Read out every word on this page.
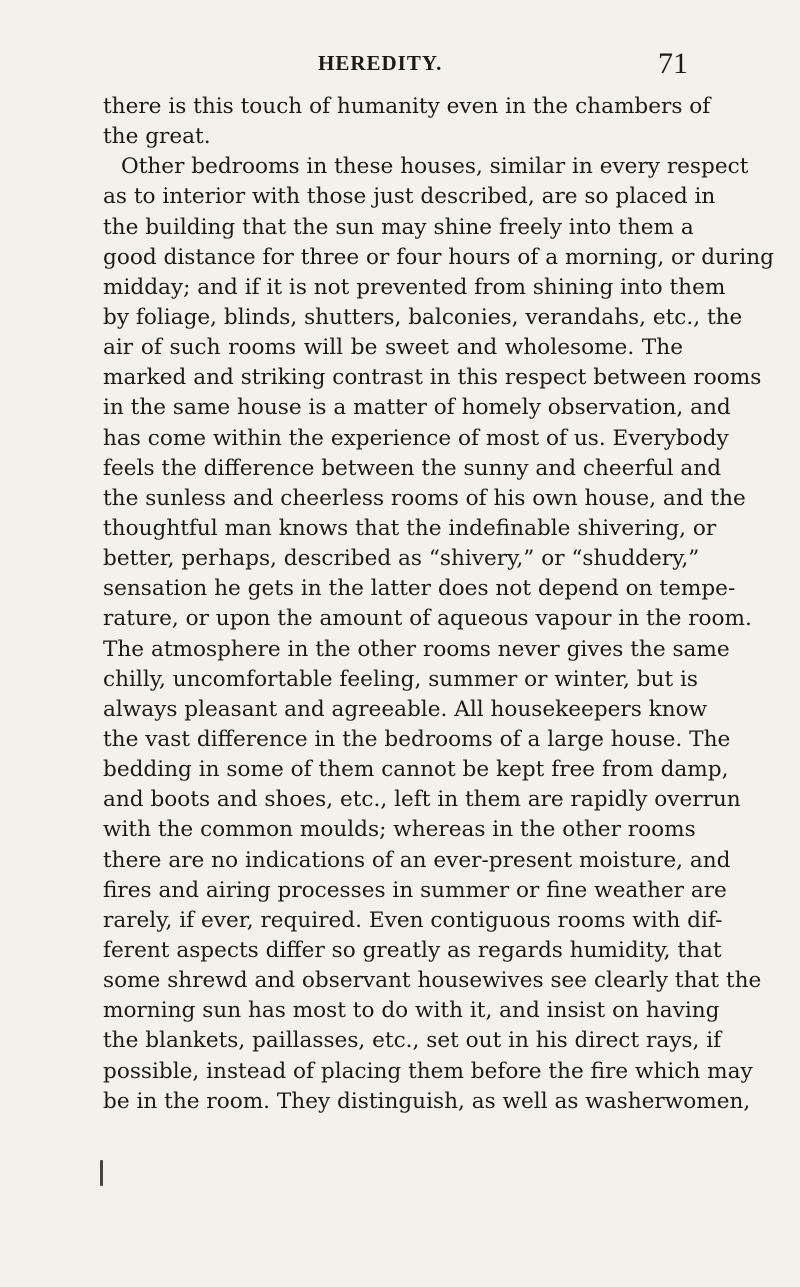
HEREDITY.	71
there is this touch of humanity even in the chambers of
the great.
Other bedrooms in these houses, similar in every respect
as to interior with those just described, are so placed in
the building that the sun may shine freely into them a
good distance for three or four hours of a morning, or during
midday; and if it is not prevented from shining into them
by foliage, blinds, shutters, balconies, verandahs, etc., the
air of such rooms will be sweet and wholesome. The
marked and striking contrast in this respect between rooms
in the same house is a matter of homely observation, and
has come within the experience of most of us. Everybody
feels the difference between the sunny and cheerful and
the sunless and cheerless rooms of his own house, and the
thoughtful man knows that the indefinable shivering, or
better, perhaps, described as “shivery,” or “shuddery,”
sensation he gets in the latter does not depend on tempe-
rature, or upon the amount of aqueous vapour in the room.
The atmosphere in the other rooms never gives the same
chilly, uncomfortable feeling, summer or winter, but is
always pleasant and agreeable. All housekeepers know
the vast difference in the bedrooms of a large house. The
bedding in some of them cannot be kept free from damp,
and boots and shoes, etc., left in them are rapidly overrun
with the common moulds; whereas in the other rooms
there are no indications of an ever-present moisture, and
fires and airing processes in summer or fine weather are
rarely, if ever, required. Even contiguous rooms with dif-
ferent aspects differ so greatly as regards humidity, that
some shrewd and observant housewives see clearly that the
morning sun has most to do with it, and insist on having
the blankets, paillasses, etc., set out in his direct rays, if
possible, instead of placing them before the fire which may
be in the room. They distinguish, as well as washerwomen,
